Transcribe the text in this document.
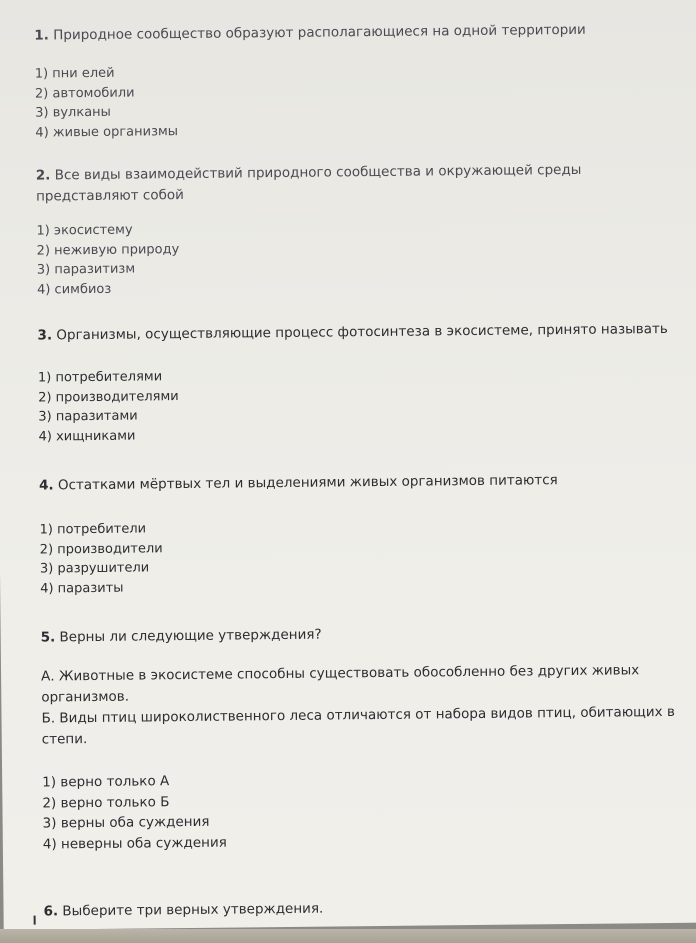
1. Природное сообщество образуют располагающиеся на одной территории

1) пни елей
2) автомобили
3) вулканы
4) живые организмы

2. Все виды взаимодействий природного сообщества и окружающей среды

представляют собой

1) экосистему
2) неживую природу
3) паразитизм
4) симбиоз

3. Организмы, осуществляющие процесс фотосинтеза в экосистеме, принято называть

1) потребителями
2) производителями
3) паразитами
4) хищниками

4. Остатками мёртвых тел и выделениями живых организмов питаются

1) потребители
2) производители
3) разрушители
4) паразиты

5. Верны ли следующие утверждения?

А. Животные в экосистеме способны существовать обособленно без других живых

организмов.

Б. Виды птиц широколиственного леса отличаются от набора видов птиц, обитающих в

степи.

1) верно только А
2) верно только Б
3) верны оба суждения
4) неверны оба суждения

6. Выберите три верных утверждения.
